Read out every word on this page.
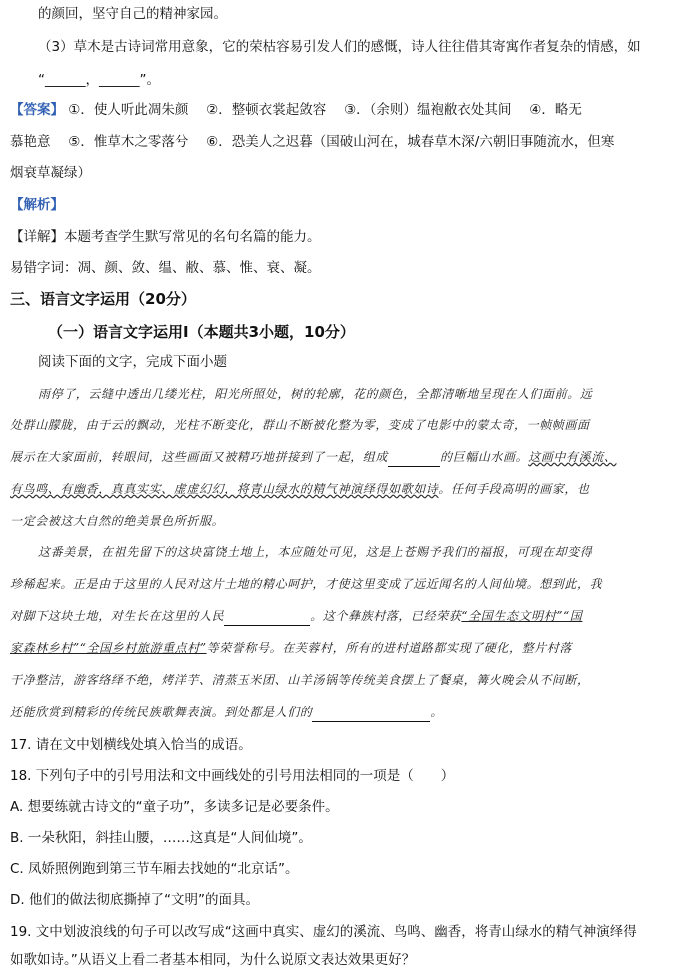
的颜回，坚守自己的精神家园。
（3）草木是古诗词常用意象，它的荣枯容易引发人们的感慨，诗人往往借其寄寓作者复杂的情感，如
“______，______”。
【答案】 ①．使人听此凋朱颜　 ②．整顿衣裳起敛容　 ③．（余则）缊袍敝衣处其间　 ④．略无
慕艳意　 ⑤．惟草木之零落兮　 ⑥．恐美人之迟暮（国破山河在，城春草木深/六朝旧事随流水，但寒
烟衰草凝绿）
【解析】
【详解】本题考查学生默写常见的名句名篇的能力。
易错字词：凋、颜、敛、缊、敝、慕、惟、衰、凝。
三、语言文字运用（20分）
（一）语言文字运用Ⅰ（本题共3小题，10分）
阅读下面的文字，完成下面小题
雨停了，云缝中透出几缕光柱，阳光所照处，树的轮廓，花的颜色，全都清晰地呈现在人们面前。远
处群山朦胧，由于云的飘动，光柱不断变化，群山不断被化整为零，变成了电影中的蒙太奇，一帧帧画面
展示在大家面前，转眼间，这些画面又被精巧地拼接到了一起，组成	的巨幅山水画。这画中有溪流、
有鸟鸣、有幽香，真真实实、虚虚幻幻，将青山绿水的精气神演绎得如歌如诗。任何手段高明的画家，也
一定会被这大自然的绝美景色所折服。
这番美景，在祖先留下的这块富饶土地上，本应随处可见，这是上苍赐予我们的福报，可现在却变得
珍稀起来。正是由于这里的人民对这片土地的精心呵护，才使这里变成了远近闻名的人间仙境。想到此，我
对脚下这块土地，对生长在这里的人民	。这个彝族村落，已经荣获“全国生态文明村”“国
家森林乡村”“全国乡村旅游重点村”等荣誉称号。在芙蓉村，所有的进村道路都实现了硬化，整片村落
干净整洁，游客络绎不绝，烤洋芋、清蒸玉米团、山羊汤锅等传统美食摆上了餐桌，篝火晚会从不间断，
还能欣赏到精彩的传统民族歌舞表演。到处都是人们的	。
17. 请在文中划横线处填入恰当的成语。
18. 下列句子中的引号用法和文中画线处的引号用法相同的一项是（　　）
A. 想要练就古诗文的“童子功”，多读多记是必要条件。
B. 一朵秋阳，斜挂山腰，……这真是“人间仙境”。
C. 凤娇照例跑到第三节车厢去找她的“北京话”。
D. 他们的做法彻底撕掉了“文明”的面具。
19. 文中划波浪线的句子可以改写成“这画中真实、虚幻的溪流、鸟鸣、幽香，将青山绿水的精气神演绎得
如歌如诗。”从语义上看二者基本相同，为什么说原文表达效果更好？
